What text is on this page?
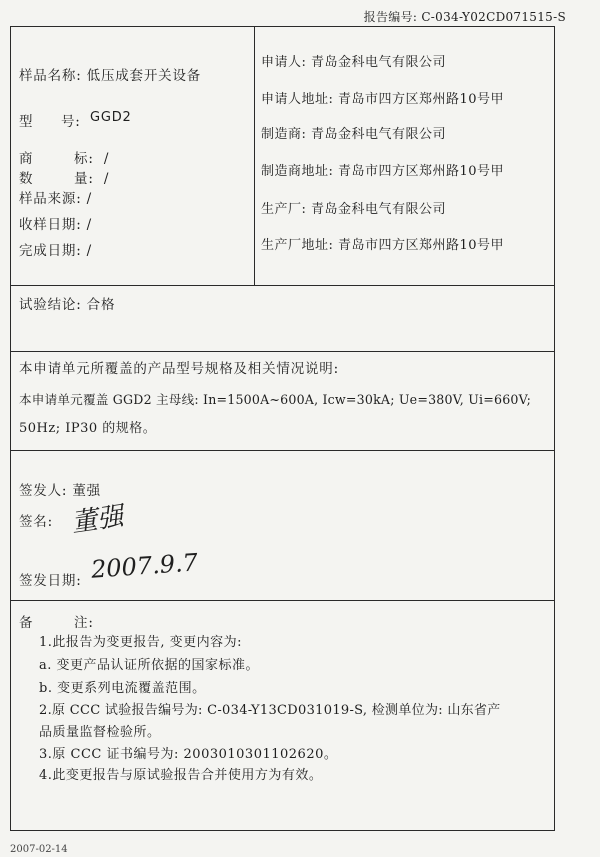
报告编号: C-034-Y02CD071515-S
样品名称: 低压成套开关设备
型 号: GGD2
商        标:  /
数        量:  /
样品来源: /
收样日期: /
完成日期: /
申请人: 青岛金科电气有限公司
申请人地址: 青岛市四方区郑州路10号甲
制造商: 青岛金科电气有限公司
制造商地址: 青岛市四方区郑州路10号甲
生产厂: 青岛金科电气有限公司
生产厂地址: 青岛市四方区郑州路10号甲
试验结论: 合格
本申请单元所覆盖的产品型号规格及相关情况说明:
本申请单元覆盖 GGD2 主母线: In=1500A~600A, Icw=30kA; Ue=380V, Ui=660V;
50Hz; IP30 的规格。
签发人: 董强
签名: 董强
签发日期: 2007.9.7
备        注:
1.此报告为变更报告, 变更内容为:
a. 变更产品认证所依据的国家标准。
b. 变更系列电流覆盖范围。
2.原 CCC 试验报告编号为: C-034-Y13CD031019-S, 检测单位为: 山东省产
品质量监督检验所。
3.原 CCC 证书编号为: 2003010301102620。
4.此变更报告与原试验报告合并使用方为有效。
2007-02-14
